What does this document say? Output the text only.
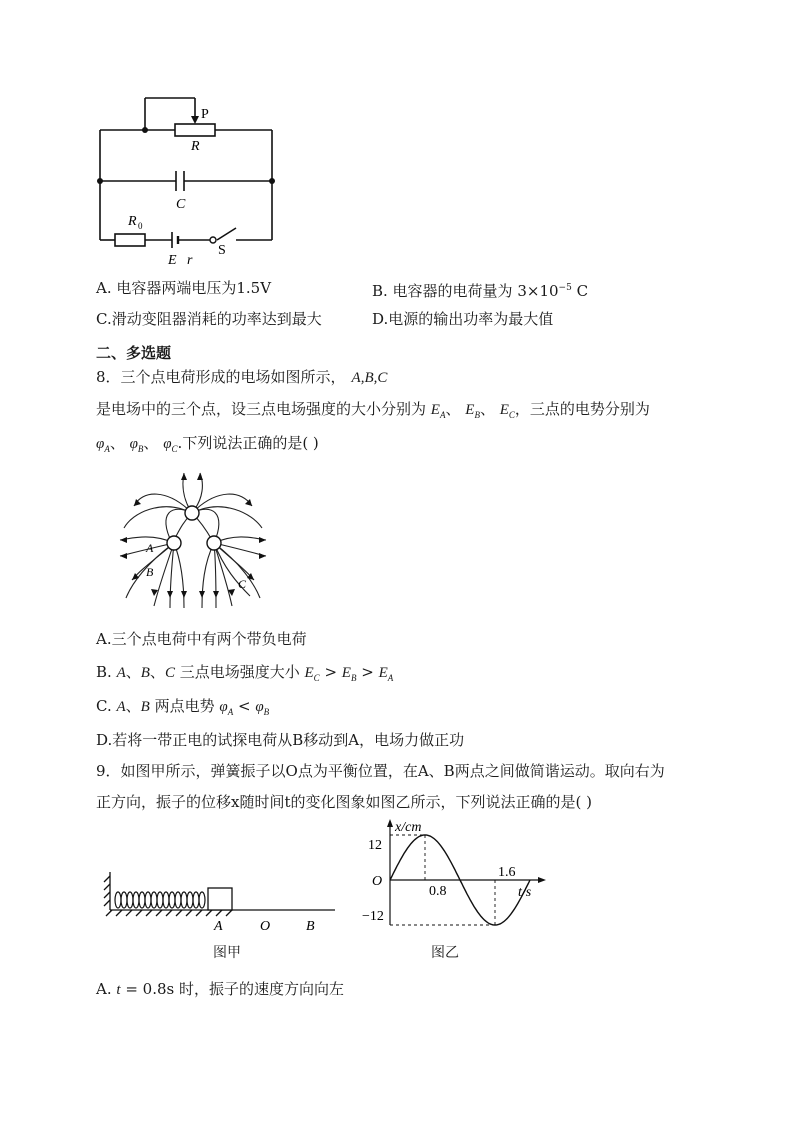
P
R
C
R 0
E r
S
A. 电容器两端电压为1.5V	B. 电容器的电荷量为 $3\times 10^{-5}$ C
C.滑动变阻器消耗的功率达到最大	D.电源的输出功率为最大值
二、多选题
8．三个点电荷形成的电场如图所示， A,B,C
是电场中的三个点，设三点电场强度的大小分别为 $E_A$、 $E_B$、 $E_C$，三点的电势分别为
$\varphi_A$、 $\varphi_B$、 $\varphi_C$.下列说法正确的是( )
A
B
C
A.三个点电荷中有两个带负电荷
B. A、B、C 三点电场强度大小 $E_C > E_B > E_A$
C. A、B 两点电势 $\varphi_A < \varphi_B$
D.若将一带正电的试探电荷从B移动到A，电场力做正功
9．如图甲所示，弹簧振子以O点为平衡位置，在A、B两点之间做简谐运动。取向右为
正方向，振子的位移x随时间t的变化图象如图乙所示，下列说法正确的是( )
A	O	B
图甲
x/cm
t/s
O
12
−12
0.8
1.6
图乙
A. t = 0.8s 时，振子的速度方向向左
